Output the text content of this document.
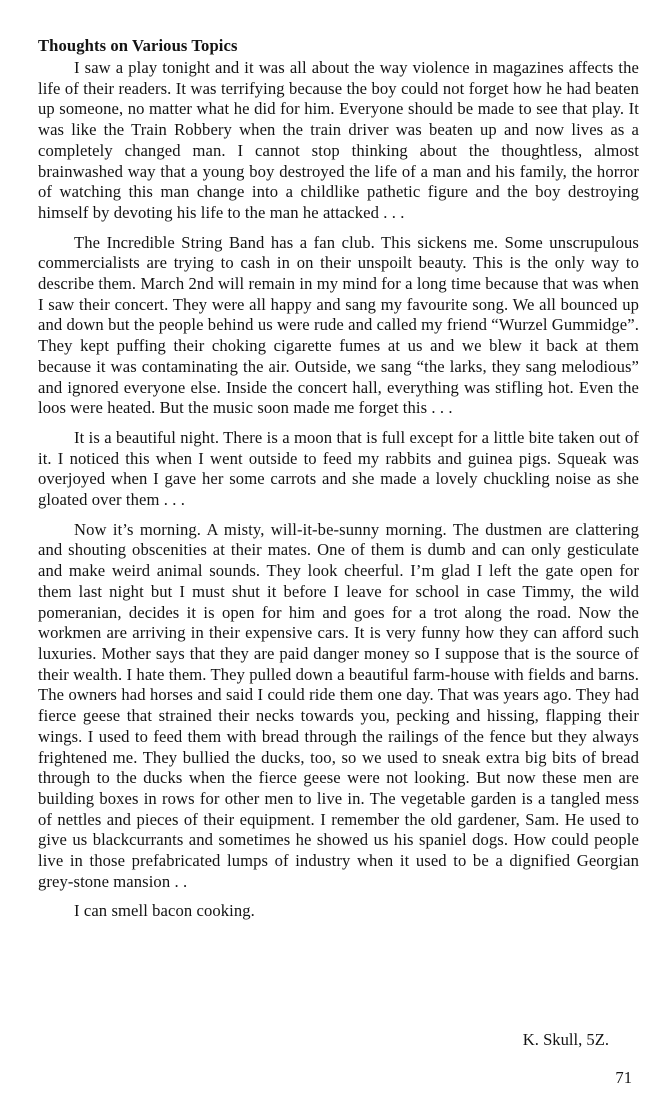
Thoughts on Various Topics

I saw a play tonight and it was all about the way violence in magazines affects the life of their readers. It was terrifying because the boy could not forget how he had beaten up someone, no matter what he did for him. Everyone should be made to see that play. It was like the Train Robbery when the train driver was beaten up and now lives as a completely changed man. I cannot stop thinking about the thoughtless, almost brainwashed way that a young boy destroyed the life of a man and his family, the horror of watching this man change into a childlike pathetic figure and the boy destroying himself by devoting his life to the man he attacked . . .

The Incredible String Band has a fan club. This sickens me. Some unscrupulous commercialists are trying to cash in on their unspoilt beauty. This is the only way to describe them. March 2nd will remain in my mind for a long time because that was when I saw their concert. They were all happy and sang my favourite song. We all bounced up and down but the people behind us were rude and called my friend “Wurzel Gummidge”. They kept puffing their choking cigarette fumes at us and we blew it back at them because it was contaminating the air. Outside, we sang “the larks, they sang melodious” and ignored everyone else. Inside the concert hall, everything was stifling hot. Even the loos were heated. But the music soon made me forget this . . .

It is a beautiful night. There is a moon that is full except for a little bite taken out of it. I noticed this when I went outside to feed my rabbits and guinea pigs. Squeak was overjoyed when I gave her some carrots and she made a lovely chuckling noise as she gloated over them . . .

Now it’s morning. A misty, will-it-be-sunny morning. The dustmen are clattering and shouting obscenities at their mates. One of them is dumb and can only gesticulate and make weird animal sounds. They look cheerful. I’m glad I left the gate open for them last night but I must shut it before I leave for school in case Timmy, the wild pomeranian, decides it is open for him and goes for a trot along the road. Now the workmen are arriving in their expensive cars. It is very funny how they can afford such luxuries. Mother says that they are paid danger money so I suppose that is the source of their wealth. I hate them. They pulled down a beautiful farm-house with fields and barns. The owners had horses and said I could ride them one day. That was years ago. They had fierce geese that strained their necks towards you, pecking and hissing, flapping their wings. I used to feed them with bread through the railings of the fence but they always frightened me. They bullied the ducks, too, so we used to sneak extra big bits of bread through to the ducks when the fierce geese were not looking. But now these men are building boxes in rows for other men to live in. The vegetable garden is a tangled mess of nettles and pieces of their equipment. I remember the old gardener, Sam. He used to give us blackcurrants and sometimes he showed us his spaniel dogs. How could people live in those prefabricated lumps of industry when it used to be a dignified Georgian grey-stone mansion . .

I can smell bacon cooking.

K. Skull, 5Z.
71
